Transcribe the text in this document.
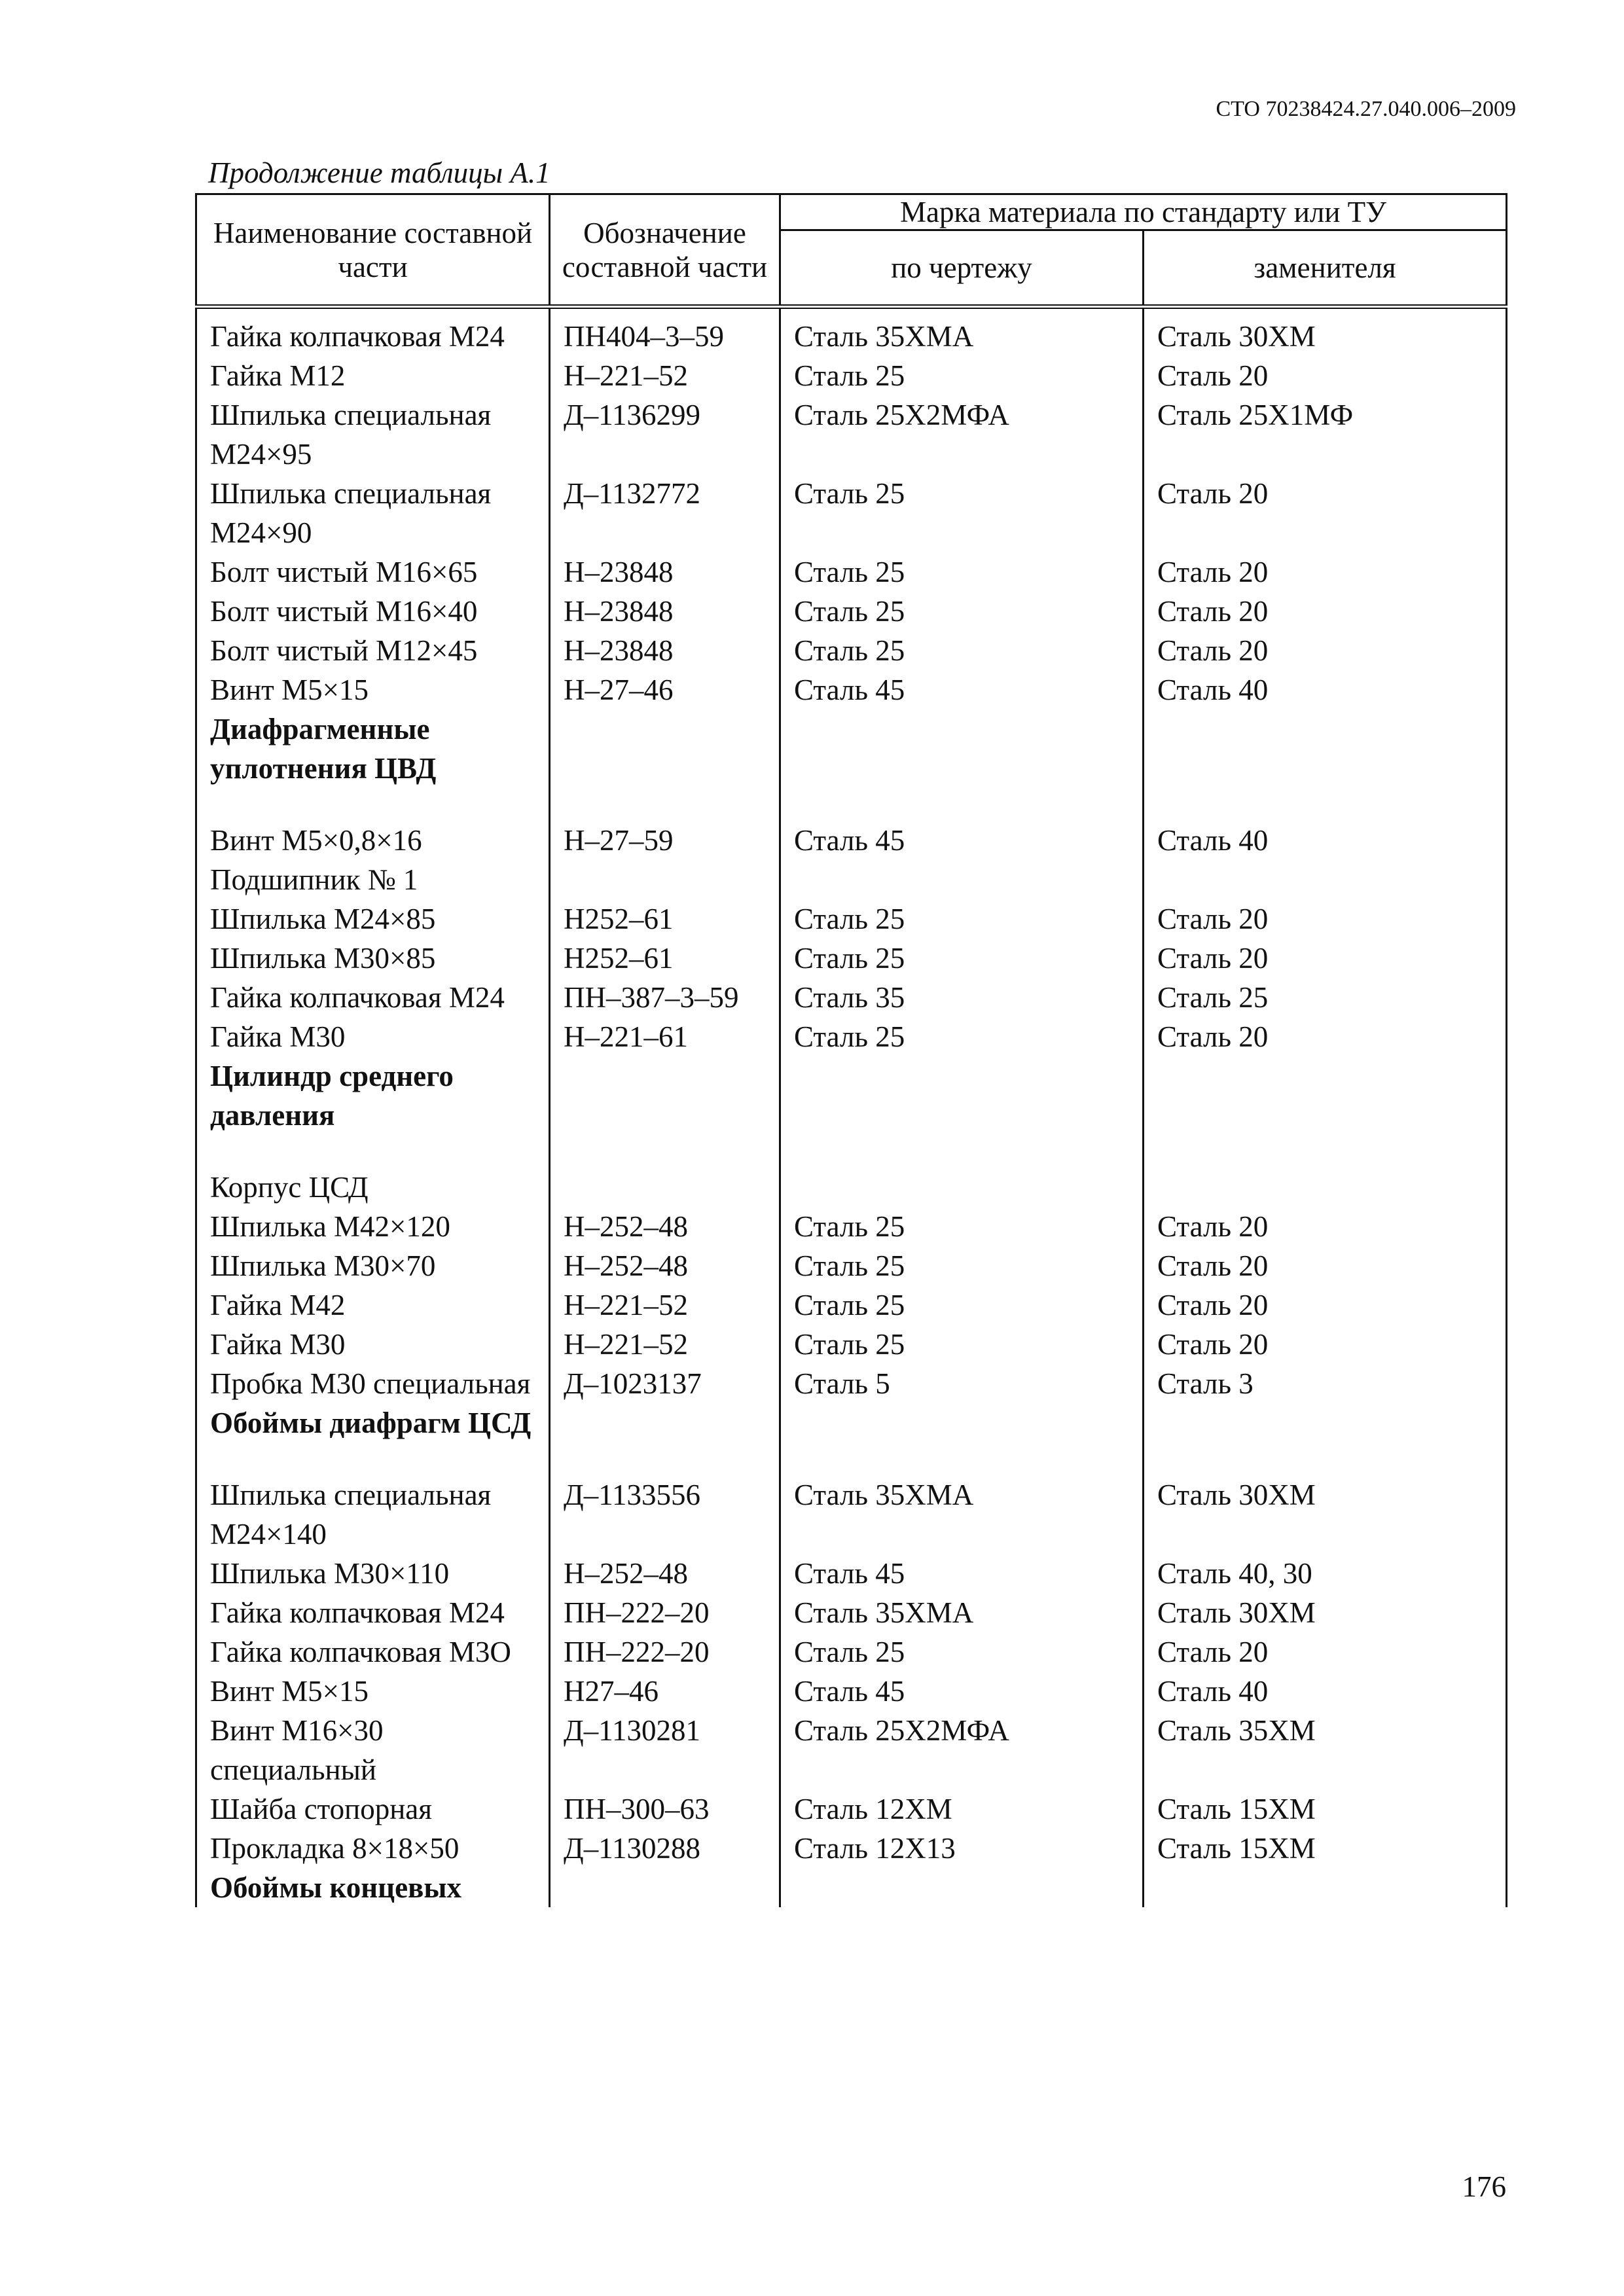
СТО 70238424.27.040.006–2009
Продолжение таблицы А.1
Наименование составной части	Обозначение составной части	Марка материала по стандарту или ТУ	
		по чертежу	заменителя
Гайка колпачковая М24	ПН404–3–59	Сталь 35ХМА	Сталь 30ХМ
Гайка М12	Н–221–52	Сталь 25	Сталь 20
Шпилька специальная М24×95	Д–1136299	Сталь 25Х2МФА	Сталь 25Х1МФ
Шпилька специальная М24×90	Д–1132772	Сталь 25	Сталь 20
Болт чистый М16×65	Н–23848	Сталь 25	Сталь 20
Болт чистый М16×40	Н–23848	Сталь 25	Сталь 20
Болт чистый М12×45	Н–23848	Сталь 25	Сталь 20
Винт М5×15	Н–27–46	Сталь 45	Сталь 40
Диафрагменные уплотнения ЦВД			

Винт М5×0,8×16	Н–27–59	Сталь 45	Сталь 40
Подшипник № 1			
Шпилька М24×85	Н252–61	Сталь 25	Сталь 20
Шпилька М30×85	Н252–61	Сталь 25	Сталь 20
Гайка колпачковая М24	ПН–387–3–59	Сталь 35	Сталь 25
Гайка М30	Н–221–61	Сталь 25	Сталь 20
Цилиндр среднего давления			

Корпус ЦСД			
Шпилька М42×120	Н–252–48	Сталь 25	Сталь 20
Шпилька М30×70	Н–252–48	Сталь 25	Сталь 20
Гайка М42	Н–221–52	Сталь 25	Сталь 20
Гайка М30	Н–221–52	Сталь 25	Сталь 20
Пробка М30 специальная	Д–1023137	Сталь 5	Сталь 3
Обоймы диафрагм ЦСД			

Шпилька специальная М24×140	Д–1133556	Сталь 35ХМА	Сталь 30ХМ
Шпилька М30×110	Н–252–48	Сталь 45	Сталь 40, 30
Гайка колпачковая М24	ПН–222–20	Сталь 35ХМА	Сталь 30ХМ
Гайка колпачковая М3О	ПН–222–20	Сталь 25	Сталь 20
Винт М5×15	Н27–46	Сталь 45	Сталь 40
Винт М16×30 специальный	Д–1130281	Сталь 25Х2МФА	Сталь 35ХМ
Шайба стопорная	ПН–300–63	Сталь 12ХМ	Сталь 15ХМ
Прокладка 8×18×50	Д–1130288	Сталь 12Х13	Сталь 15ХМ
Обоймы концевых			
176
